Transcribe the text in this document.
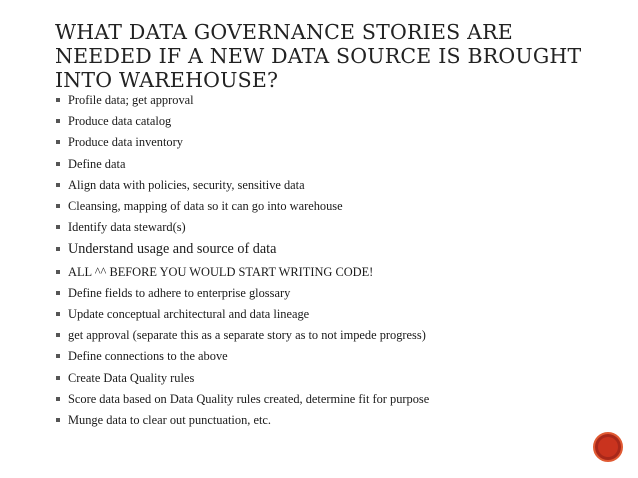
WHAT DATA GOVERNANCE STORIES ARE
NEEDED IF A NEW DATA SOURCE IS BROUGHT
INTO WAREHOUSE?
Profile data; get approval
Produce data catalog
Produce data inventory
Define data
Align data with policies, security, sensitive data
Cleansing, mapping of data so it can go into warehouse
Identify data steward(s)
Understand usage and source of data
ALL ^^ BEFORE YOU WOULD START WRITING CODE!
Define fields to adhere to enterprise glossary
Update conceptual architectural and data lineage
get approval (separate this as a separate story as to not impede progress)
Define connections to the above
Create Data Quality rules
Score data based on Data Quality rules created, determine fit for purpose
Munge data to clear out punctuation, etc.
